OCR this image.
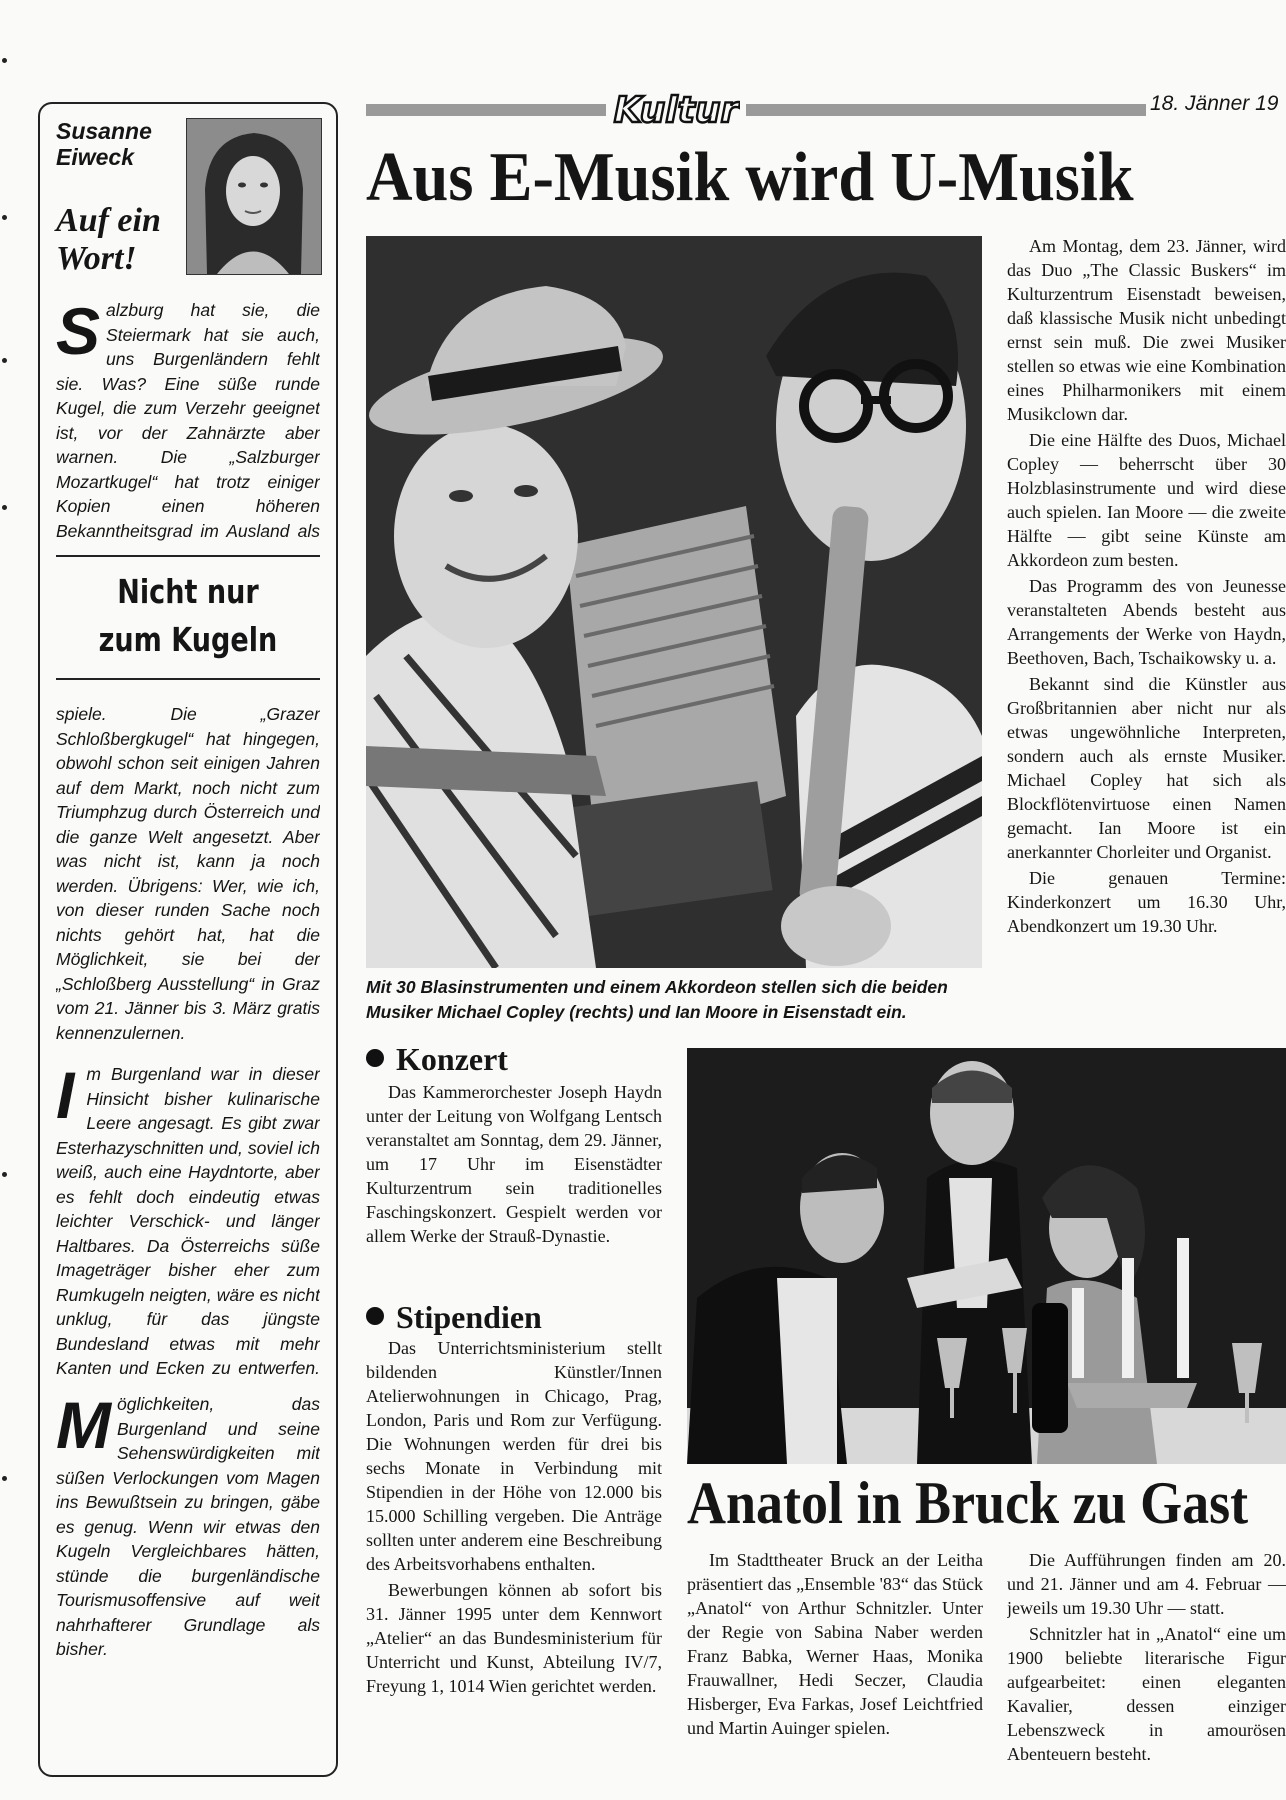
Susanne Eiweck
Auf ein Wort!
S alzburg hat sie, die Steiermark hat sie auch, uns Burgenländern fehlt sie. Was? Eine süße runde Kugel, die zum Verzehr geeignet ist, vor der Zahnärzte aber warnen. Die „Salzburger Mozartkugel“ hat trotz einiger Kopien einen höheren Bekanntheitsgrad im Ausland als
Nicht nur
zum Kugeln
spiele. Die „Grazer Schloßbergkugel“ hat hingegen, obwohl schon seit einigen Jahren auf dem Markt, noch nicht zum Triumphzug durch Österreich und die ganze Welt angesetzt. Aber was nicht ist, kann ja noch werden. Übrigens: Wer, wie ich, von dieser runden Sache noch nichts gehört hat, hat die Möglichkeit, sie bei der „Schloßberg Ausstellung“ in Graz vom 21. Jänner bis 3. März gratis kennenzulernen.
I m Burgenland war in dieser Hinsicht bisher kulinarische Leere angesagt. Es gibt zwar Esterhazyschnitten und, soviel ich weiß, auch eine Haydntorte, aber es fehlt doch eindeutig etwas leichter Verschick- und länger Haltbares. Da Österreichs süße Imageträger bisher eher zum Rumkugeln neigten, wäre es nicht unklug, für das jüngste Bundesland etwas mit mehr Kanten und Ecken zu entwerfen.
M öglichkeiten, das Burgenland und seine Sehenswürdigkeiten mit süßen Verlockungen vom Magen ins Bewußtsein zu bringen, gäbe es genug. Wenn wir etwas den Kugeln Vergleichbares hätten, stünde die burgenländische Tourismusoffensive auf weit nahrhafterer Grundlage als bisher.
Kultur	18. Jänner 19
Aus E-Musik wird U-Musik
Mit 30 Blasinstrumenten und einem Akkordeon stellen sich die beiden Musiker Michael Copley (rechts) und Ian Moore in Eisenstadt ein.

Am Montag, dem 23. Jänner, wird das Duo „The Classic Buskers“ im Kulturzentrum Eisenstadt beweisen, daß klassische Musik nicht unbedingt ernst sein muß. Die zwei Musiker stellen so etwas wie eine Kombination eines Philharmonikers mit einem Musikclown dar.

Die eine Hälfte des Duos, Michael Copley — beherrscht über 30 Holzblasinstrumente und wird diese auch spielen. Ian Moore — die zweite Hälfte — gibt seine Künste am Akkordeon zum besten.

Das Programm des von Jeunesse veranstalteten Abends besteht aus Arrangements der Werke von Haydn, Beethoven, Bach, Tschaikowsky u. a.

Bekannt sind die Künstler aus Großbritannien aber nicht nur als etwas ungewöhnliche Interpreten, sondern auch als ernste Musiker. Michael Copley hat sich als Blockflötenvirtuose einen Namen gemacht. Ian Moore ist ein anerkannter Chorleiter und Organist.

Die genauen Termine: Kinderkonzert um 16.30 Uhr, Abendkonzert um 19.30 Uhr.

Konzert

Das Kammerorchester Joseph Haydn unter der Leitung von Wolfgang Lentsch veranstaltet am Sonntag, dem 29. Jänner, um 17 Uhr im Eisenstädter Kulturzentrum sein traditionelles Faschingskonzert. Gespielt werden vor allem Werke der Strauß-Dynastie.

Stipendien

Das Unterrichtsministerium stellt bildenden Künstler/Innen Atelierwohnungen in Chicago, Prag, London, Paris und Rom zur Verfügung. Die Wohnungen werden für drei bis sechs Monate in Verbindung mit Stipendien in der Höhe von 12.000 bis 15.000 Schilling vergeben. Die Anträge sollten unter anderem eine Beschreibung des Arbeitsvorhabens enthalten.

Bewerbungen können ab sofort bis 31. Jänner 1995 unter dem Kennwort „Atelier“ an das Bundesministerium für Unterricht und Kunst, Abteilung IV/7, Freyung 1, 1014 Wien gerichtet werden.

Anatol in Bruck zu Gast

Im Stadttheater Bruck an der Leitha präsentiert das „Ensemble '83“ das Stück „Anatol“ von Arthur Schnitzler. Unter der Regie von Sabina Naber werden Franz Babka, Werner Haas, Monika Frauwallner, Hedi Seczer, Claudia Hisberger, Eva Farkas, Josef Leichtfried und Martin Auinger spielen.

Die Aufführungen finden am 20. und 21. Jänner und am 4. Februar — jeweils um 19.30 Uhr — statt.

Schnitzler hat in „Anatol“ eine um 1900 beliebte literarische Figur aufgearbeitet: einen eleganten Kavalier, dessen einziger Lebenszweck in amourösen Abenteuern besteht.
